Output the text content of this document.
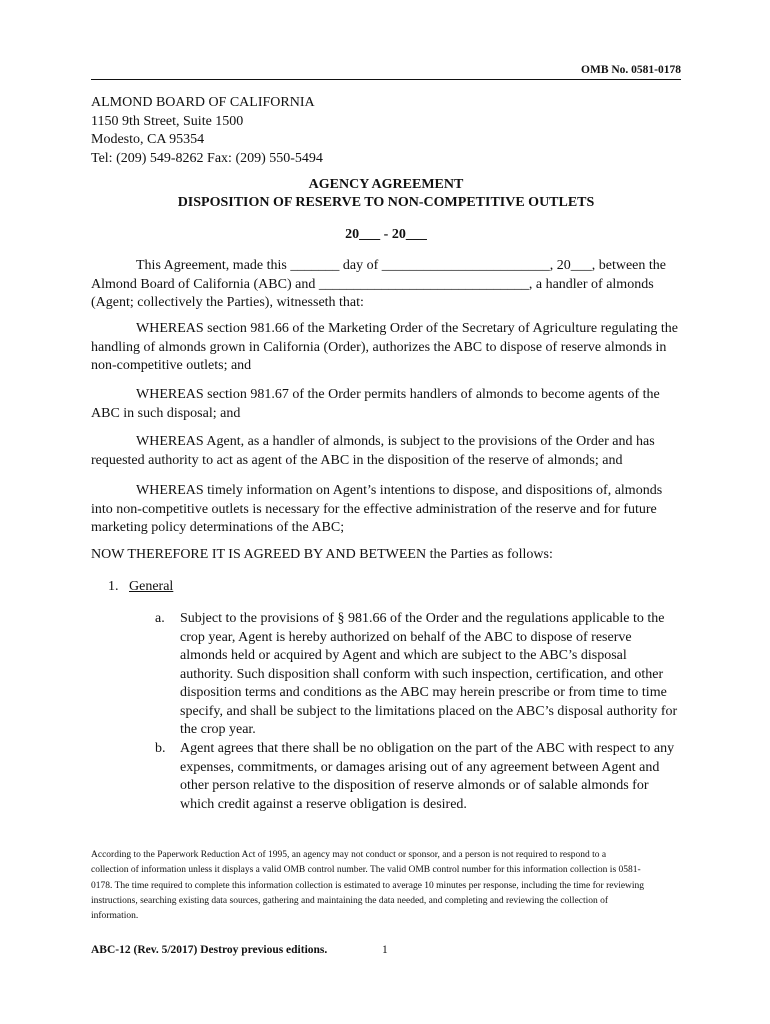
OMB No. 0581-0178
ALMOND BOARD OF CALIFORNIA
1150 9th Street, Suite 1500
Modesto, CA 95354
Tel: (209) 549-8262 Fax: (209) 550-5494
AGENCY AGREEMENT
DISPOSITION OF RESERVE TO NON-COMPETITIVE OUTLETS
20___ - 20___
This Agreement, made this _______ day of ________________________, 20___, between the
Almond Board of California (ABC) and ______________________________, a handler of almonds
(Agent; collectively the Parties), witnesseth that:
WHEREAS section 981.66 of the Marketing Order of the Secretary of Agriculture regulating the
handling of almonds grown in California (Order), authorizes the ABC to dispose of reserve almonds in
non-competitive outlets; and
WHEREAS section 981.67 of the Order permits handlers of almonds to become agents of the
ABC in such disposal; and
WHEREAS Agent, as a handler of almonds, is subject to the provisions of the Order and has
requested authority to act as agent of the ABC in the disposition of the reserve of almonds; and
WHEREAS timely information on Agent’s intentions to dispose, and dispositions of, almonds
into non-competitive outlets is necessary for the effective administration of the reserve and for future
marketing policy determinations of the ABC;
NOW THEREFORE IT IS AGREED BY AND BETWEEN the Parties as follows:
1. General
a. Subject to the provisions of § 981.66 of the Order and the regulations applicable to the
crop year, Agent is hereby authorized on behalf of the ABC to dispose of reserve
almonds held or acquired by Agent and which are subject to the ABC’s disposal
authority. Such disposition shall conform with such inspection, certification, and other
disposition terms and conditions as the ABC may herein prescribe or from time to time
specify, and shall be subject to the limitations placed on the ABC’s disposal authority for
the crop year.
b. Agent agrees that there shall be no obligation on the part of the ABC with respect to any
expenses, commitments, or damages arising out of any agreement between Agent and
other person relative to the disposition of reserve almonds or of salable almonds for
which credit against a reserve obligation is desired.
According to the Paperwork Reduction Act of 1995, an agency may not conduct or sponsor, and a person is not required to respond to a
collection of information unless it displays a valid OMB control number. The valid OMB control number for this information collection is 0581-
0178. The time required to complete this information collection is estimated to average 10 minutes per response, including the time for reviewing
instructions, searching existing data sources, gathering and maintaining the data needed, and completing and reviewing the collection of
information.
ABC-12 (Rev. 5/2017) Destroy previous editions.	1
